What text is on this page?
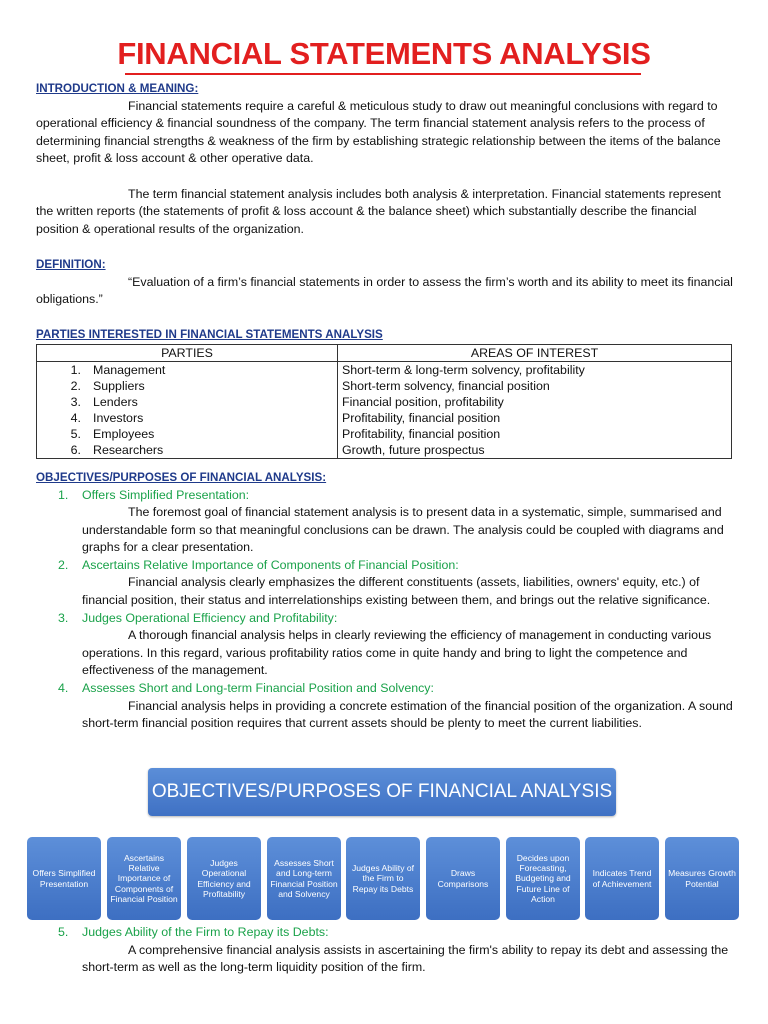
FINANCIAL STATEMENTS ANALYSIS
INTRODUCTION & MEANING:

Financial statements require a careful & meticulous study to draw out meaningful conclusions with regard to operational efficiency & financial soundness of the company. The term financial statement analysis refers to the process of determining financial strengths & weakness of the firm by establishing strategic relationship between the items of the balance sheet, profit & loss account & other operative data.

The term financial statement analysis includes both analysis & interpretation. Financial statements represent the written reports (the statements of profit & loss account & the balance sheet) which substantially describe the financial position & operational results of the organization.

DEFINITION:

“Evaluation of a firm’s financial statements in order to assess the firm’s worth and its ability to meet its financial obligations.”

PARTIES INTERESTED IN FINANCIAL STATEMENTS ANALYSIS
PARTIES		AREAS OF INTEREST
1.	Management	Short-term & long-term solvency, profitability
2.	Suppliers	Short-term solvency, financial position
3.	Lenders	Financial position, profitability
4.	Investors	Profitability, financial position
5.	Employees	Profitability, financial position
6.	Researchers	Growth, future prospectus
OBJECTIVES/PURPOSES OF FINANCIAL ANALYSIS:
1. Offers Simplified Presentation:
The foremost goal of financial statement analysis is to present data in a systematic, simple, summarised and understandable form so that meaningful conclusions can be drawn. The analysis could be coupled with diagrams and graphs for a clear presentation.
2. Ascertains Relative Importance of Components of Financial Position:
Financial analysis clearly emphasizes the different constituents (assets, liabilities, owners' equity, etc.) of financial position, their status and interrelationships existing between them, and brings out the relative significance.
3. Judges Operational Efficiency and Profitability:
A thorough financial analysis helps in clearly reviewing the efficiency of management in conducting various operations. In this regard, various profitability ratios come in quite handy and bring to light the competence and effectiveness of the management.
4. Assesses Short and Long-term Financial Position and Solvency:
Financial analysis helps in providing a concrete estimation of the financial position of the organization. A sound short-term financial position requires that current assets should be plenty to meet the current liabilities.
OBJECTIVES/PURPOSES OF FINANCIAL ANALYSIS
Offers Simplified Presentation
Ascertains Relative Importance of Components of Financial Position
Judges Operational Efficiency and Profitability
Assesses Short and Long-term Financial Position and Solvency
Judges Ability of the Firm to Repay its Debts
Draws Comparisons
Decides upon Forecasting, Budgeting and Future Line of Action
Indicates Trend of Achievement
Measures Growth Potential
5. Judges Ability of the Firm to Repay its Debts:
A comprehensive financial analysis assists in ascertaining the firm's ability to repay its debt and assessing the short-term as well as the long-term liquidity position of the firm.
